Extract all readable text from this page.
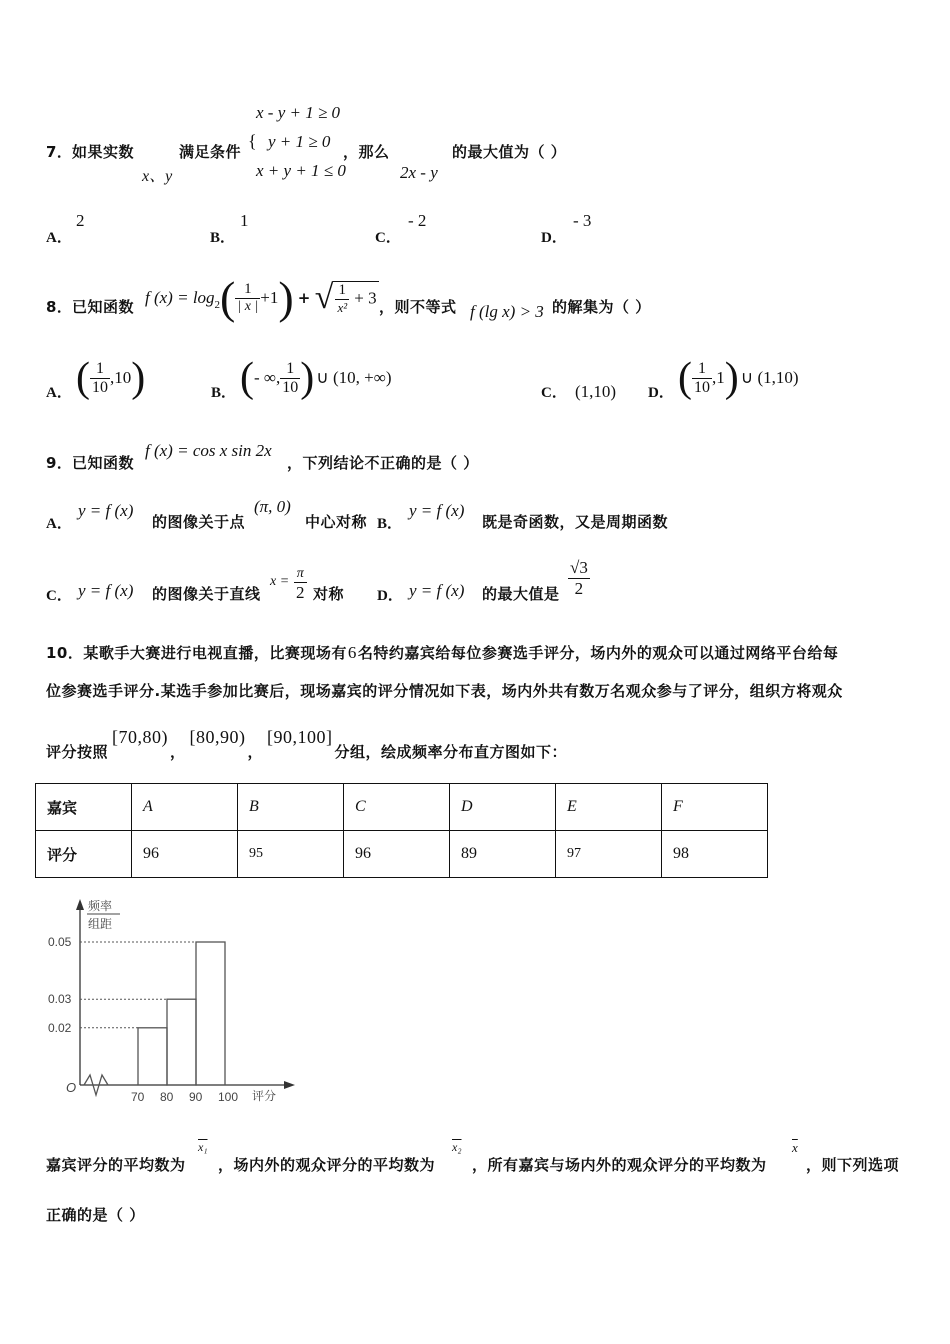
x - y + 1 ≥ 0
{ y + 1 ≥ 0
x + y + 1 ≤ 0
7． 如果实数
x、y
满足条件	，那么
2x - y
的最大值为（ ）
A．
2
B．
1
C．
- 2
D．
- 3
8． 已知函数 f $(x) = \log_2$ ( $\frac{1}{| x |} +1$ ) + √ $\frac{1}{\text{x²}} + 3$ ，则不等式 f (lg x) > 3 的解集为（ ）
A． ( $\frac{1}{10} ,10$ )	B． ( - ∞, $\frac{1}{10}$ ) ∪ (10, +∞)
C． (1,10) D． ( $\frac{1}{10} ,1$ ) ∪ (1,10)
9． 已知函数
f (x) = cos x sin 2x
，下列结论不正确的是（ ）
A．
y = f (x)
的图像关于点
(π, 0)
中心对称 B．
y = f (x)
既是奇函数，又是周期函数
C． y = f (x) 的图像关于直线
x =
π
2 对称 D． y = f (x) 的最大值是 $\frac{√3}{2}$
10．某歌手大赛进行电视直播，比赛现场有6名特约嘉宾给每位参赛选手评分，场内外的观众可以通过网络平台给每
位参赛选手评分.某选手参加比赛后，现场嘉宾的评分情况如下表，场内外共有数万名观众参与了评分，组织方将观众
评分按照
[70,80)
，
[80,90)
，
[90,100]
分组，绘成频率分布直方图如下：
嘉宾	A	B	C	D	E	F
评分	96	95	96	89	97	98
O
频率
组距
评分
0.02
0.03
0.05
70 80 90 100
嘉宾评分的平均数为
x₁
，场内外的观众评分的平均数为
x₂
，所有嘉宾与场内外的观众评分的平均数为
$\overline{x}$
，则下列选项
正确的是（ ）
